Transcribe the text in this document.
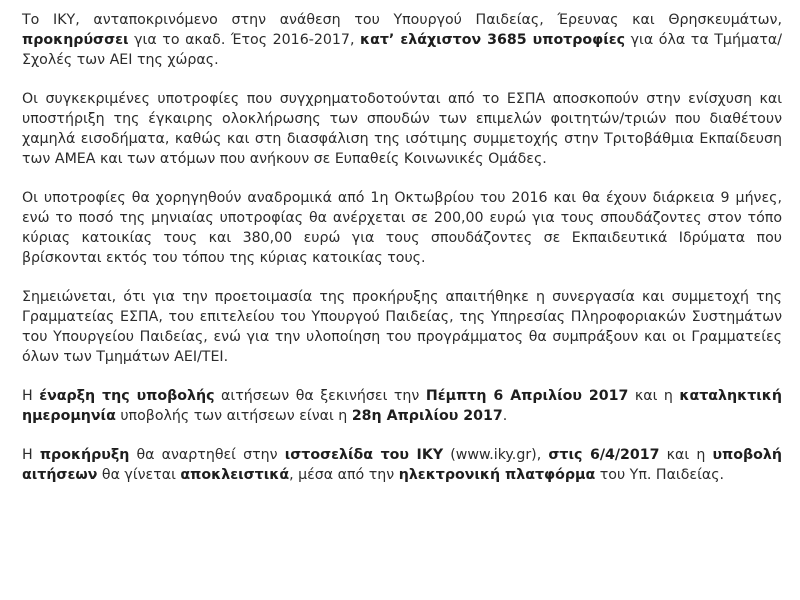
Το ΙΚΥ, ανταποκρινόμενο στην ανάθεση του Υπουργού Παιδείας, Έρευνας και Θρησκευμάτων, προκηρύσσει για το ακαδ. Έτος 2016-2017, κατ’ ελάχιστον 3685 υποτροφίες για όλα τα Τμήματα/Σχολές των ΑΕΙ της χώρας.

Οι συγκεκριμένες υποτροφίες που συγχρηματοδοτούνται από το ΕΣΠΑ αποσκοπούν στην ενίσχυση και υποστήριξη της έγκαιρης ολοκλήρωσης των σπουδών των επιμελών φοιτητών/τριών που διαθέτουν χαμηλά εισοδήματα, καθώς και στη διασφάλιση της ισότιμης συμμετοχής στην Τριτοβάθμια Εκπαίδευση των ΑΜΕΑ και των ατόμων που ανήκουν σε Ευπαθείς Κοινωνικές Ομάδες.

Οι υποτροφίες θα χορηγηθούν αναδρομικά από 1η Οκτωβρίου του 2016 και θα έχουν διάρκεια 9 μήνες, ενώ το ποσό της μηνιαίας υποτροφίας θα ανέρχεται σε 200,00 ευρώ για τους σπουδάζοντες στον τόπο κύριας κατοικίας τους και 380,00 ευρώ για τους σπουδάζοντες σε Εκπαιδευτικά Ιδρύματα που βρίσκονται εκτός του τόπου της κύριας κατοικίας τους.

Σημειώνεται, ότι για την προετοιμασία της προκήρυξης απαιτήθηκε η συνεργασία και συμμετοχή της Γραμματείας ΕΣΠΑ, του επιτελείου του Υπουργού Παιδείας, της Υπηρεσίας Πληροφοριακών Συστημάτων του Υπουργείου Παιδείας, ενώ για την υλοποίηση του προγράμματος θα συμπράξουν και οι Γραμματείες όλων των Τμημάτων ΑΕΙ/ΤΕΙ.

Η έναρξη της υποβολής αιτήσεων θα ξεκινήσει την Πέμπτη 6 Απριλίου 2017 και η καταληκτική ημερομηνία υποβολής των αιτήσεων είναι η 28η Απριλίου 2017.

Η προκήρυξη θα αναρτηθεί στην ιστοσελίδα του ΙΚΥ (www.iky.gr), στις 6/4/2017 και η υποβολή αιτήσεων θα γίνεται αποκλειστικά, μέσα από την ηλεκτρονική πλατφόρμα του Υπ. Παιδείας.
